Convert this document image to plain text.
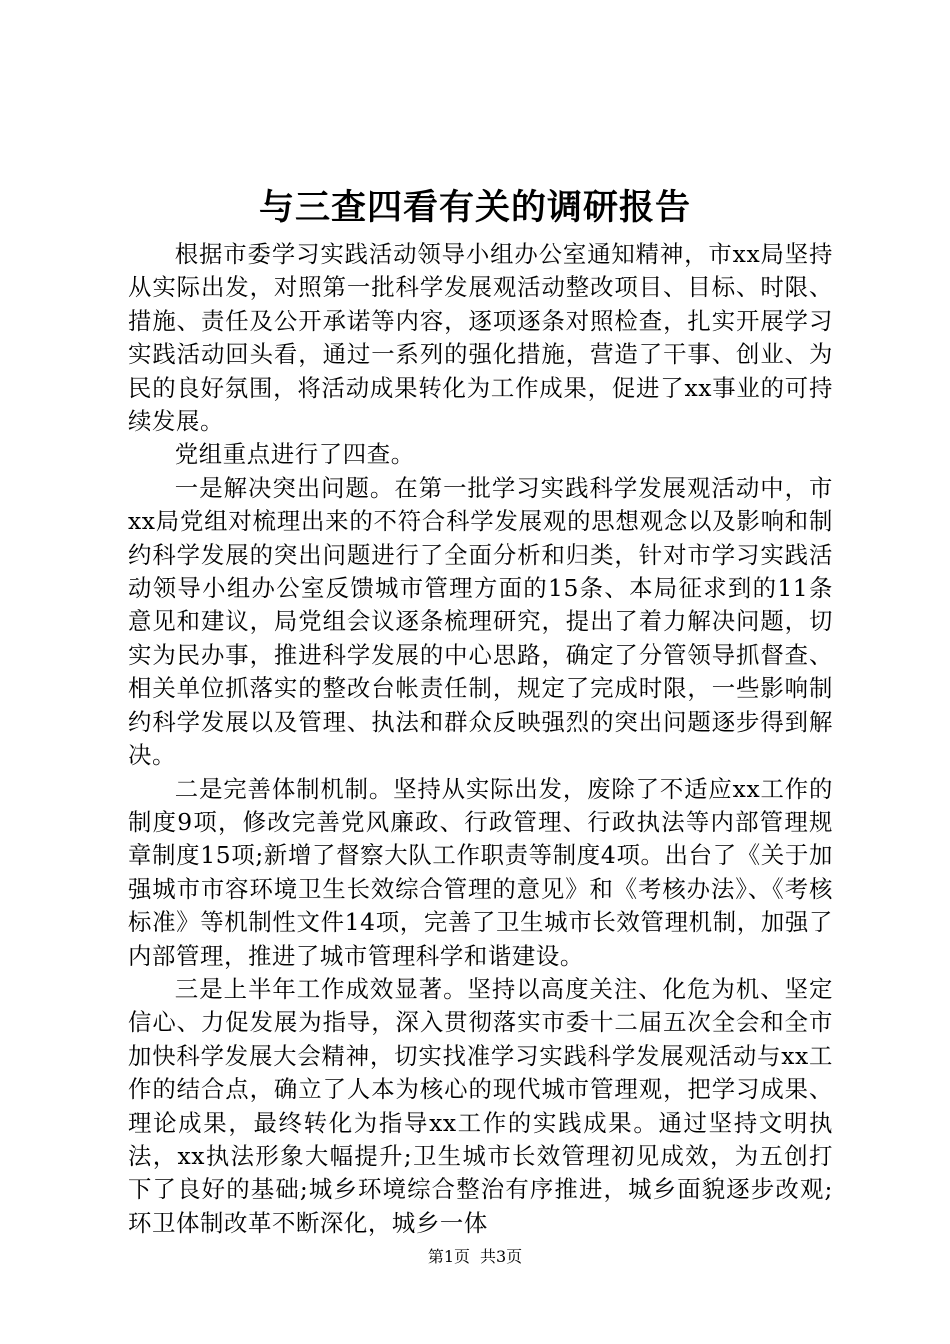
与三查四看有关的调研报告

根据市委学习实践活动领导小组办公室通知精神，市xx局坚持从实际出发，对照第一批科学发展观活动整改项目、目标、时限、措施、责任及公开承诺等内容，逐项逐条对照检查，扎实开展学习实践活动回头看，通过一系列的强化措施，营造了干事、创业、为民的良好氛围，将活动成果转化为工作成果，促进了xx事业的可持续发展。

党组重点进行了四查。

一是解决突出问题。在第一批学习实践科学发展观活动中，市xx局党组对梳理出来的不符合科学发展观的思想观念以及影响和制约科学发展的突出问题进行了全面分析和归类，针对市学习实践活动领导小组办公室反馈城市管理方面的15条、本局征求到的11条意见和建议，局党组会议逐条梳理研究，提出了着力解决问题，切实为民办事，推进科学发展的中心思路，确定了分管领导抓督查、相关单位抓落实的整改台帐责任制，规定了完成时限，一些影响制约科学发展以及管理、执法和群众反映强烈的突出问题逐步得到解决。

二是完善体制机制。坚持从实际出发，废除了不适应xx工作的制度9项，修改完善党风廉政、行政管理、行政执法等内部管理规章制度15项;新增了督察大队工作职责等制度4项。出台了《关于加强城市市容环境卫生长效综合管理的意见》和《考核办法》、《考核标准》等机制性文件14项，完善了卫生城市长效管理机制，加强了内部管理，推进了城市管理科学和谐建设。

三是上半年工作成效显著。坚持以高度关注、化危为机、坚定信心、力促发展为指导，深入贯彻落实市委十二届五次全会和全市加快科学发展大会精神，切实找准学习实践科学发展观活动与xx工作的结合点，确立了人本为核心的现代城市管理观，把学习成果、理论成果，最终转化为指导xx工作的实践成果。通过坚持文明执法，xx执法形象大幅提升;卫生城市长效管理初见成效，为五创打下了良好的基础;城乡环境综合整治有序推进，城乡面貌逐步改观;环卫体制改革不断深化，城乡一体

第1页 共3页
